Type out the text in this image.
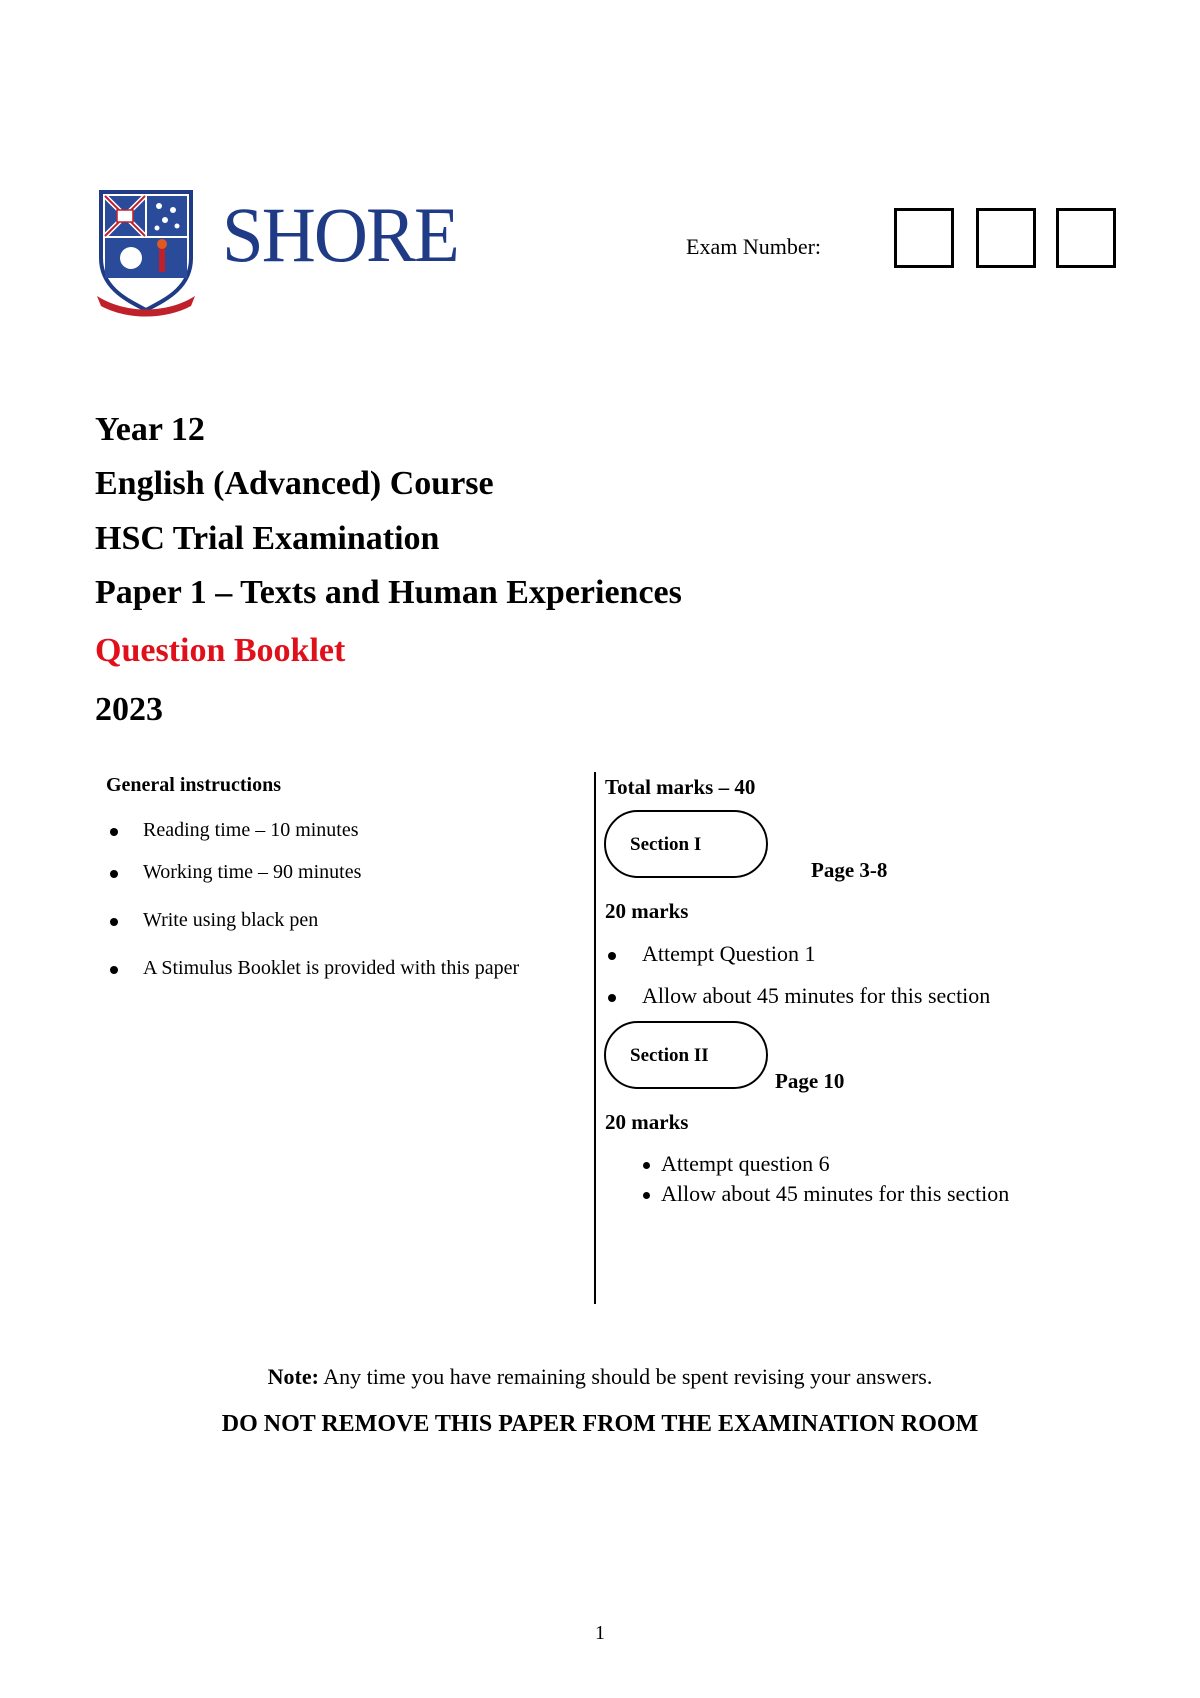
SHORE	Exam Number:
Year 12
English (Advanced) Course
HSC Trial Examination
Paper 1 – Texts and Human Experiences
Question Booklet
2023
General instructions
Reading time – 10 minutes
Working time – 90 minutes
Write using black pen
A Stimulus Booklet is provided with this paper
Total marks – 40
Section I
Page 3-8
20 marks
Attempt Question 1
Allow about 45 minutes for this section
Section II
Page 10
20 marks
Attempt question 6
Allow about 45 minutes for this section
Note: Any time you have remaining should be spent revising your answers.
DO NOT REMOVE THIS PAPER FROM THE EXAMINATION ROOM
1
